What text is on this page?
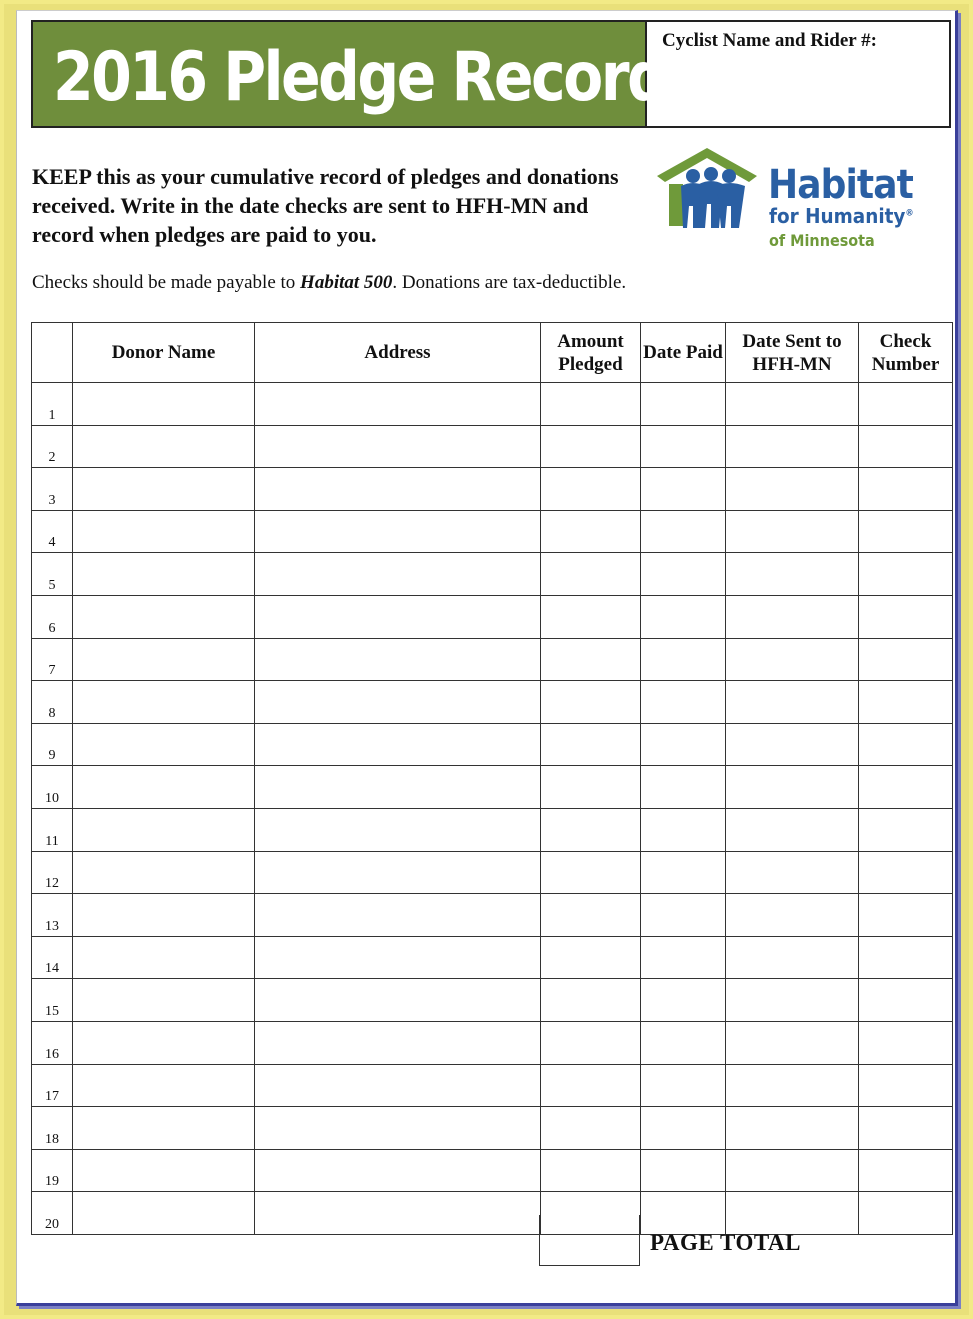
2016 Pledge Records
Cyclist Name and Rider #:
KEEP this as your cumulative record of pledges and donations received. Write in the date checks are sent to HFH-MN and record when pledges are paid to you.
Checks should be made payable to Habitat 500. Donations are tax-deductible.
Habitat
for Humanity®
of Minnesota
	Donor Name	Address	Amount Pledged	Date Paid	Date Sent to HFH-MN	Check Number
1						
2						
3						
4						
5						
6						
7						
8						
9						
10						
11						
12						
13						
14						
15						
16						
17						
18						
19						
20						
PAGE TOTAL
